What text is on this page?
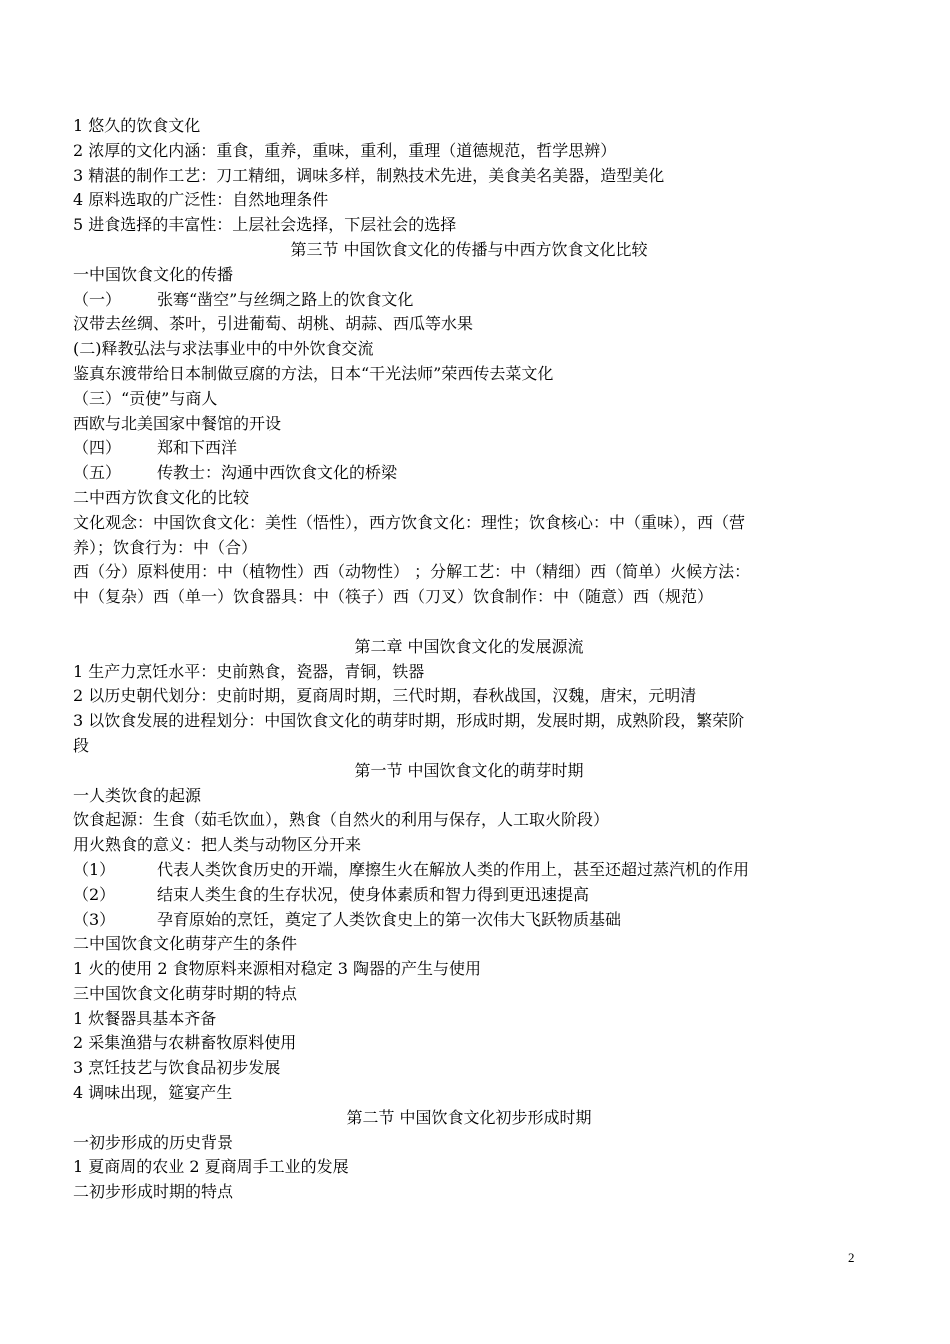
1 悠久的饮食文化
2 浓厚的文化内涵：重食，重养，重味，重利，重理（道德规范，哲学思辨）
3 精湛的制作工艺：刀工精细，调味多样，制熟技术先进，美食美名美器，造型美化
4 原料选取的广泛性：自然地理条件
5 进食选择的丰富性：上层社会选择，下层社会的选择
第三节 中国饮食文化的传播与中西方饮食文化比较
一中国饮食文化的传播
（一） 张骞“凿空”与丝绸之路上的饮食文化
汉带去丝绸、茶叶，引进葡萄、胡桃、胡蒜、西瓜等水果
(二)释教弘法与求法事业中的中外饮食交流
鉴真东渡带给日本制做豆腐的方法，日本“干光法师”荣西传去菜文化
（三）“贡使”与商人
西欧与北美国家中餐馆的开设
（四） 郑和下西洋
（五） 传教士：沟通中西饮食文化的桥梁
二中西方饮食文化的比较
文化观念：中国饮食文化：美性（悟性），西方饮食文化：理性；饮食核心：中（重味），西（营
养）；饮食行为：中（合）
西（分）原料使用：中（植物性）西（动物性） ；分解工艺：中（精细）西（简单）火候方法：
中（复杂）西（单一）饮食器具：中（筷子）西（刀叉）饮食制作：中（随意）西（规范）
第二章 中国饮食文化的发展源流
1 生产力烹饪水平：史前熟食，瓷器，青铜，铁器
2 以历史朝代划分：史前时期，夏商周时期，三代时期，春秋战国，汉魏，唐宋，元明清
3 以饮食发展的进程划分：中国饮食文化的萌芽时期，形成时期，发展时期，成熟阶段，繁荣阶
段
第一节 中国饮食文化的萌芽时期
一人类饮食的起源
饮食起源：生食（茹毛饮血），熟食（自然火的利用与保存，人工取火阶段）
用火熟食的意义：把人类与动物区分开来
（1）	代表人类饮食历史的开端，摩擦生火在解放人类的作用上，甚至还超过蒸汽机的作用
（2）	结束人类生食的生存状况，使身体素质和智力得到更迅速提高
（3）	孕育原始的烹饪，奠定了人类饮食史上的第一次伟大飞跃物质基础
二中国饮食文化萌芽产生的条件
1 火的使用 2 食物原料来源相对稳定 3 陶器的产生与使用
三中国饮食文化萌芽时期的特点
1 炊餐器具基本齐备
2 采集渔猎与农耕畜牧原料使用
3 烹饪技艺与饮食品初步发展
4 调味出现，筵宴产生
第二节 中国饮食文化初步形成时期
一初步形成的历史背景
1 夏商周的农业 2 夏商周手工业的发展
二初步形成时期的特点
2
